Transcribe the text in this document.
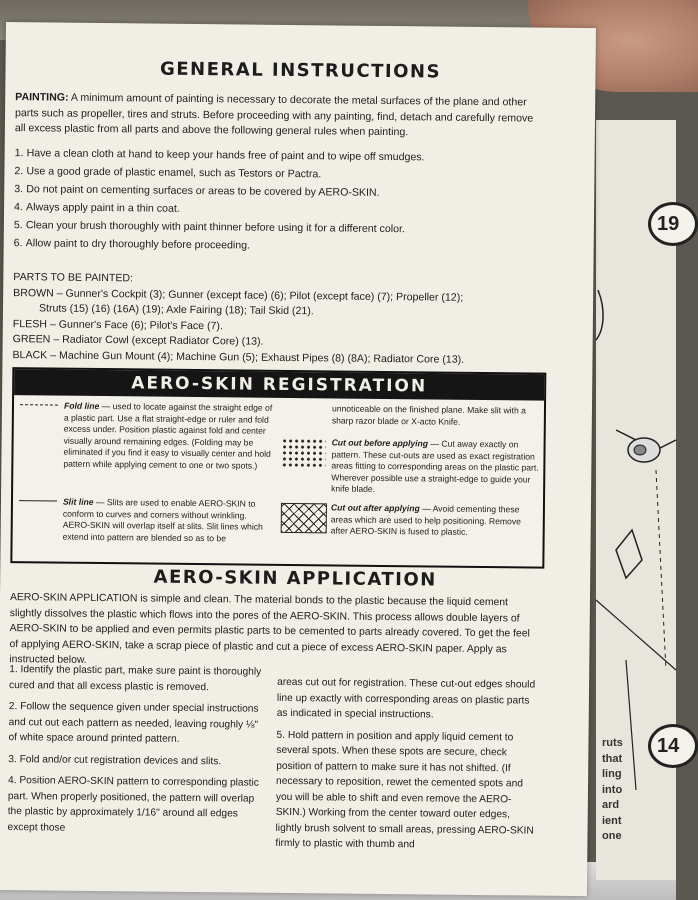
19
14
ruts
that
ling
into
ard
ient
one
GENERAL INSTRUCTIONS
PAINTING: A minimum amount of painting is necessary to decorate the metal surfaces of the plane and other parts such as propeller, tires and struts. Before proceeding with any painting, find, detach and carefully remove all excess plastic from all parts and above the following general rules when painting.
1. Have a clean cloth at hand to keep your hands free of paint and to wipe off smudges.
2. Use a good grade of plastic enamel, such as Testors or Pactra.
3. Do not paint on cementing surfaces or areas to be covered by AERO-SKIN.
4. Always apply paint in a thin coat.
5. Clean your brush thoroughly with paint thinner before using it for a different color.
6. Allow paint to dry thoroughly before proceeding.
PARTS TO BE PAINTED:
BROWN – Gunner's Cockpit (3); Gunner (except face) (6); Pilot (except face) (7); Propeller (12);
Struts (15) (16) (16A) (19); Axle Fairing (18); Tail Skid (21).
FLESH – Gunner's Face (6); Pilot's Face (7).
GREEN – Radiator Cowl (except Radiator Core) (13).
BLACK – Machine Gun Mount (4); Machine Gun (5); Exhaust Pipes (8) (8A); Radiator Core (13).
AERO-SKIN REGISTRATION
Fold line — used to locate against the straight edge of a plastic part. Use a flat straight-edge or ruler and fold excess under. Position plastic against fold and center visually around remaining edges. (Folding may be eliminated if you find it easy to visually center and hold pattern while applying cement to one or two spots.)
Slit line — Slits are used to enable AERO-SKIN to conform to curves and corners without wrinkling. AERO-SKIN will overlap itself at slits. Slit lines which extend into pattern are blended so as to be
unnoticeable on the finished plane. Make slit with a sharp razor blade or X-acto Knife.
Cut out before applying — Cut away exactly on pattern. These cut-outs are used as exact registration areas fitting to corresponding areas on the plastic part. Wherever possible use a straight-edge to guide your knife blade.
Cut out after applying — Avoid cementing these areas which are used to help positioning. Remove after AERO-SKIN is fused to plastic.
AERO-SKIN APPLICATION
AERO-SKIN APPLICATION is simple and clean. The material bonds to the plastic because the liquid cement slightly dissolves the plastic which flows into the pores of the AERO-SKIN. This process allows double layers of AERO-SKIN to be applied and even permits plastic parts to be cemented to parts already covered. To get the feel of applying AERO-SKIN, take a scrap piece of plastic and cut a piece of excess AERO-SKIN paper. Apply as instructed below.

1. Identify the plastic part, make sure paint is thoroughly cured and that all excess plastic is removed.

2. Follow the sequence given under special instructions and cut out each pattern as needed, leaving roughly ⅛" of white space around printed pattern.

3. Fold and/or cut registration devices and slits.

4. Position AERO-SKIN pattern to corresponding plastic part. When properly positioned, the pattern will overlap the plastic by approximately 1/16" around all edges except those

areas cut out for registration. These cut-out edges should line up exactly with corresponding areas on plastic parts as indicated in special instructions.

5. Hold pattern in position and apply liquid cement to several spots. When these spots are secure, check position of pattern to make sure it has not shifted. (If necessary to reposition, rewet the cemented spots and you will be able to shift and even remove the AERO-SKIN.) Working from the center toward outer edges, lightly brush solvent to small areas, pressing AERO-SKIN firmly to plastic with thumb and
